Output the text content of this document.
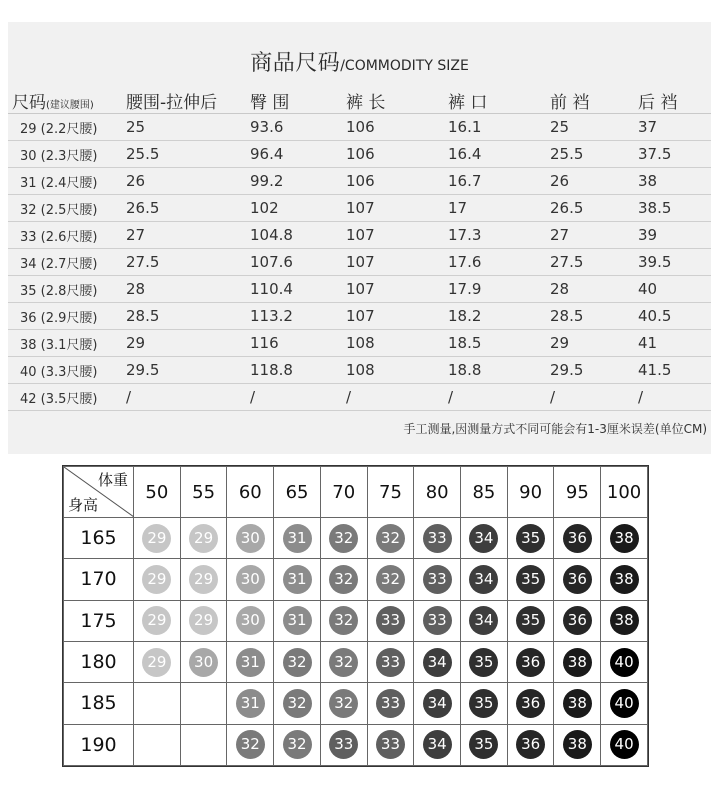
商品尺码/COMMODITY SIZE
尺码(建议腰围)	腰围-拉伸后	臀 围	裤 长	裤 口	前 裆	后 裆
29 (2.2尺腰)	25	93.6	106	16.1	25	37
30 (2.3尺腰)	25.5	96.4	106	16.4	25.5	37.5
31 (2.4尺腰)	26	99.2	106	16.7	26	38
32 (2.5尺腰)	26.5	102	107	17	26.5	38.5
33 (2.6尺腰)	27	104.8	107	17.3	27	39
34 (2.7尺腰)	27.5	107.6	107	17.6	27.5	39.5
35 (2.8尺腰)	28	110.4	107	17.9	28	40
36 (2.9尺腰)	28.5	113.2	107	18.2	28.5	40.5
38 (3.1尺腰)	29	116	108	18.5	29	41
40 (3.3尺腰)	29.5	118.8	108	18.8	29.5	41.5
42 (3.5尺腰)	/	/	/	/	/	/
手工测量,因测量方式不同可能会有1-3厘米误差(单位CM)
体重
身高	50	55	60	65	70	75	80	85	90	95	100
165	29	29	30	31	32	32	33	34	35	36	38
170	29	29	30	31	32	32	33	34	35	36	38
175	29	29	30	31	32	33	33	34	35	36	38
180	29	30	31	32	32	33	34	35	36	38	40
185			31	32	32	33	34	35	36	38	40
190			32	32	33	33	34	35	36	38	40
